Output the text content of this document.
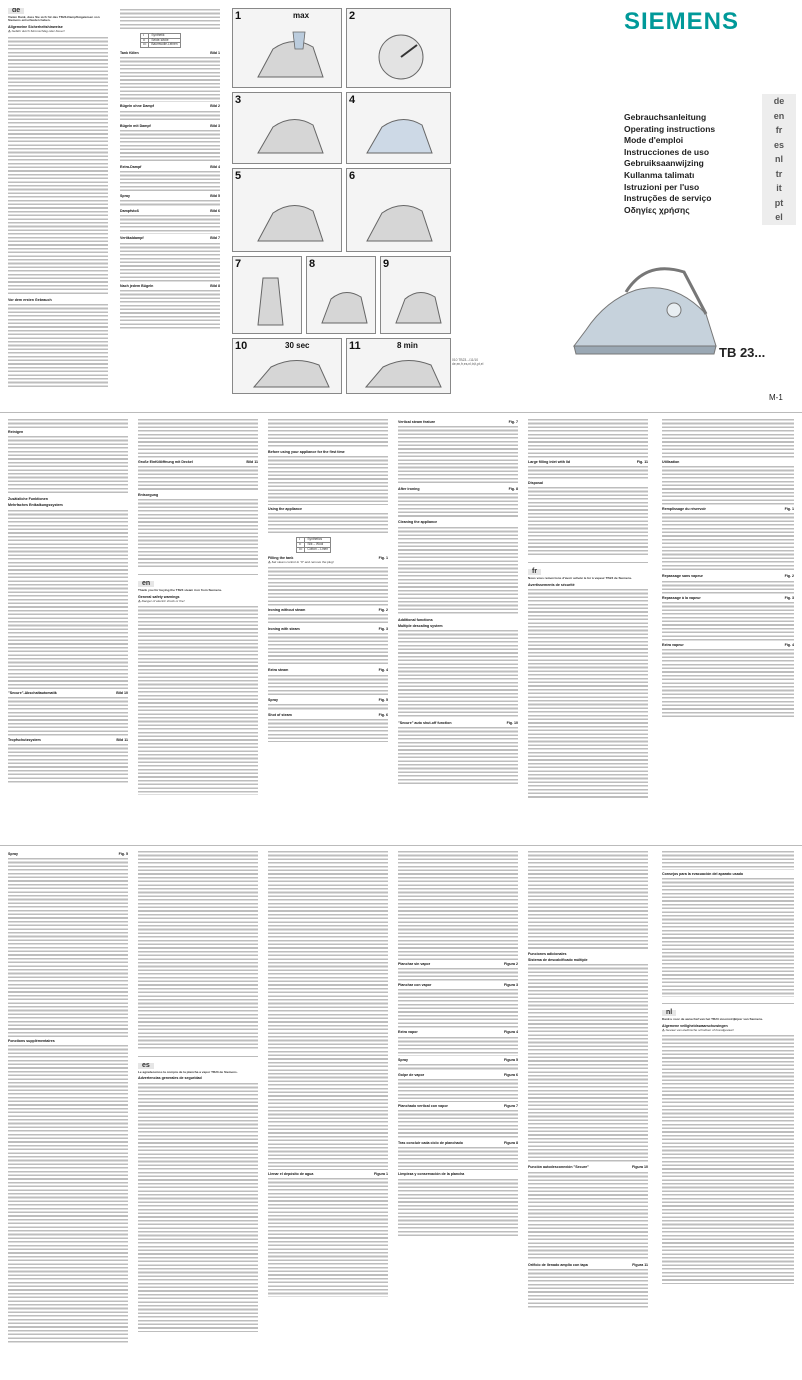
de

Vielen Dank, dass Sie sich für das TB23-Dampfbügeleisen von Siemens entschieden haben.

Allgemeine Sicherheitshinweise

⚠ Gefahr durch Stromschlag oder Feuer!

Vor dem ersten Gebrauch
•	Synthetik
••	Seide-Wolle
•••	Baumwolle-Leinen
Tank füllen	Bild 1
Bügeln ohne Dampf	Bild 2
Bügeln mit Dampf	Bild 3
Extra-Dampf	Bild 4
Spray	Bild 5
Dampfstoß	Bild 6
Vertikaldampf	Bild 7
Nach jedem Bügeln	Bild 8
1	max	2
3	4
5	6
7	8	9
10	30 sec	11	8 min
010 TB23..-/11/10
de,en,fr,es,nl,tr,it,pt,el
SIEMENS
Gebrauchsanleitung
Operating instructions
Mode d'emploi
Instrucciones de uso
Gebruiksaanwijzing
Kullanma talimatı
Istruzioni per l'uso
Instruções de serviço
Οδηγίες χρήσης
de
en
fr
es
nl
tr
it
pt
el
TB 23...
M-1
Reinigen
Zusätzliche Funktionen
Mehrfaches Entkalkungssystem
"Secure"-Abschaltautomatik	Bild 10
Tropfschutzsystem	Bild 11
Große Einfüllöffnung mit Deckel	Bild 11
Entsorgung
en

Thank you for buying the TB23 steam iron from Siemens.

General safety warnings

⚠ Danger of electric shock or fire!

Before using your appliance for the first time
Using the appliance
•	Synthetics
••	Silk – Wool
•••	Cotton – Linen
Filling the tank	Fig. 1

⚠ Set steam control to "0" and remove the plug!

Ironing without steam	Fig. 2
Ironing with steam	Fig. 3
Extra steam	Fig. 4
Spray	Fig. 5
Shot of steam	Fig. 6
Vertical steam feature	Fig. 7
After ironing	Fig. 8
Cleaning the appliance
Additional functions
Multiple descaling system
"Secure" auto shut-off function	Fig. 10
Large filling inlet with lid	Fig. 11
Disposal
fr

Nous vous remercions d'avoir acheté le fer à vapeur TB23 de Siemens.

Avertissements de sécurité
Utilisation
Remplissage du réservoir	Fig. 1
Repassage sans vapeur	Fig. 2
Repassage à la vapeur	Fig. 3
Extra vapeur	Fig. 4
Spray	Fig. 5
Fonctions supplémentaires
es

Le agradecemos la compra de la plancha a vapor TB23 de Siemens.

Advertencias generales de seguridad
Llenar el depósito de agua	Figura 1
Planchar sin vapor	Figura 2
Planchar con vapor	Figura 3
Extra vapor	Figura 4
Spray	Figura 5
Golpe de vapor	Figura 6
Planchado vertical con vapor	Figura 7
Tras concluir cada ciclo de planchado	Figura 8
Limpieza y conservación de la plancha
Funciones adicionales
Sistema de descalcificado múltiple
Función autodesconexión "Secure"	Figura 10
Orificio de llenado amplio con tapa	Figura 11
Consejos para la evacuación del aparato usado
nl

Dank u voor de aanschaf van het TB23 stoomstrijkijzer van Siemens.

Algemene veiligheidswaarschuwingen

⚠ Gevaar van elektrische schokken of brandgevaar!
